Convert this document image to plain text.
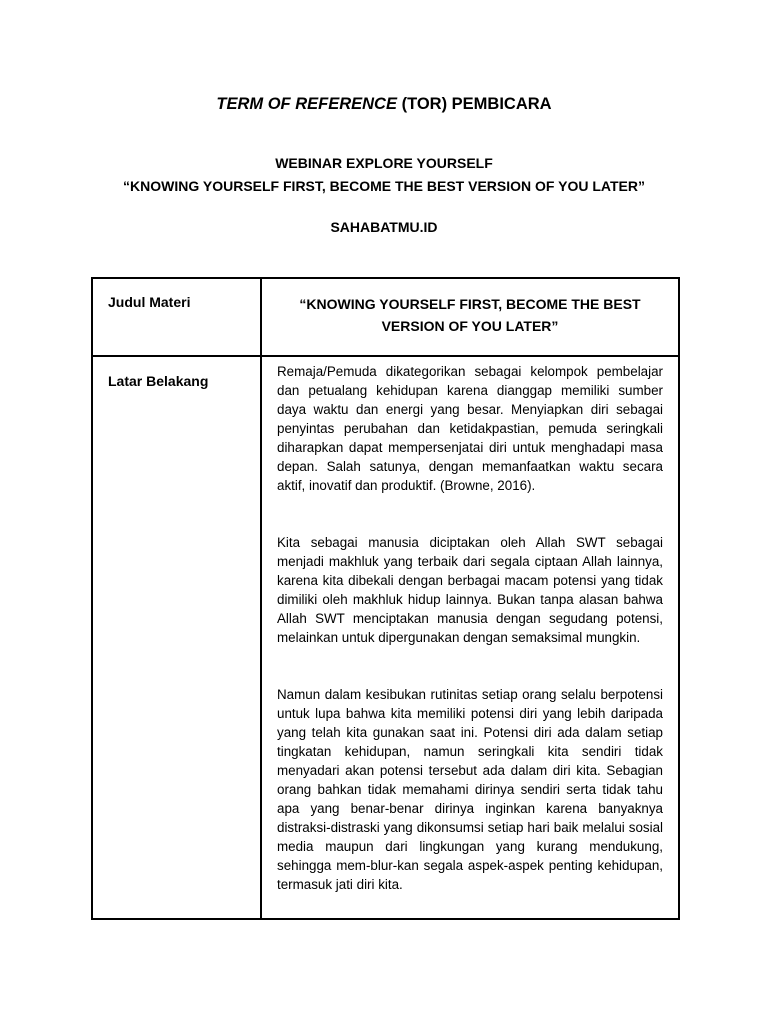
TERM OF REFERENCE (TOR) PEMBICARA
WEBINAR EXPLORE YOURSELF
“KNOWING YOURSELF FIRST, BECOME THE BEST VERSION OF YOU LATER”
SAHABATMU.ID
Judul Materi	“KNOWING YOURSELF FIRST, BECOME THE BEST VERSION OF YOU LATER”
Latar Belakang	Remaja/Pemuda dikategorikan sebagai kelompok pembelajar dan petualang kehidupan karena dianggap memiliki sumber daya waktu dan energi yang besar. Menyiapkan diri sebagai penyintas perubahan dan ketidakpastian, pemuda seringkali diharapkan dapat mempersenjatai diri untuk menghadapi masa depan. Salah satunya, dengan memanfaatkan waktu secara aktif, inovatif dan produktif. (Browne, 2016).

Kita sebagai manusia diciptakan oleh Allah SWT sebagai menjadi makhluk yang terbaik dari segala ciptaan Allah lainnya, karena kita dibekali dengan berbagai macam potensi yang tidak dimiliki oleh makhluk hidup lainnya. Bukan tanpa alasan bahwa Allah SWT menciptakan manusia dengan segudang potensi, melainkan untuk dipergunakan dengan semaksimal mungkin.

Namun dalam kesibukan rutinitas setiap orang selalu berpotensi untuk lupa bahwa kita memiliki potensi diri yang lebih daripada yang telah kita gunakan saat ini. Potensi diri ada dalam setiap tingkatan kehidupan, namun seringkali kita sendiri tidak menyadari akan potensi tersebut ada dalam diri kita. Sebagian orang bahkan tidak memahami dirinya sendiri serta tidak tahu apa yang benar-benar dirinya inginkan karena banyaknya distraksi-distraski yang dikonsumsi setiap hari baik melalui sosial media maupun dari lingkungan yang kurang mendukung, sehingga mem-blur-kan segala aspek-aspek penting kehidupan, termasuk jati diri kita.
